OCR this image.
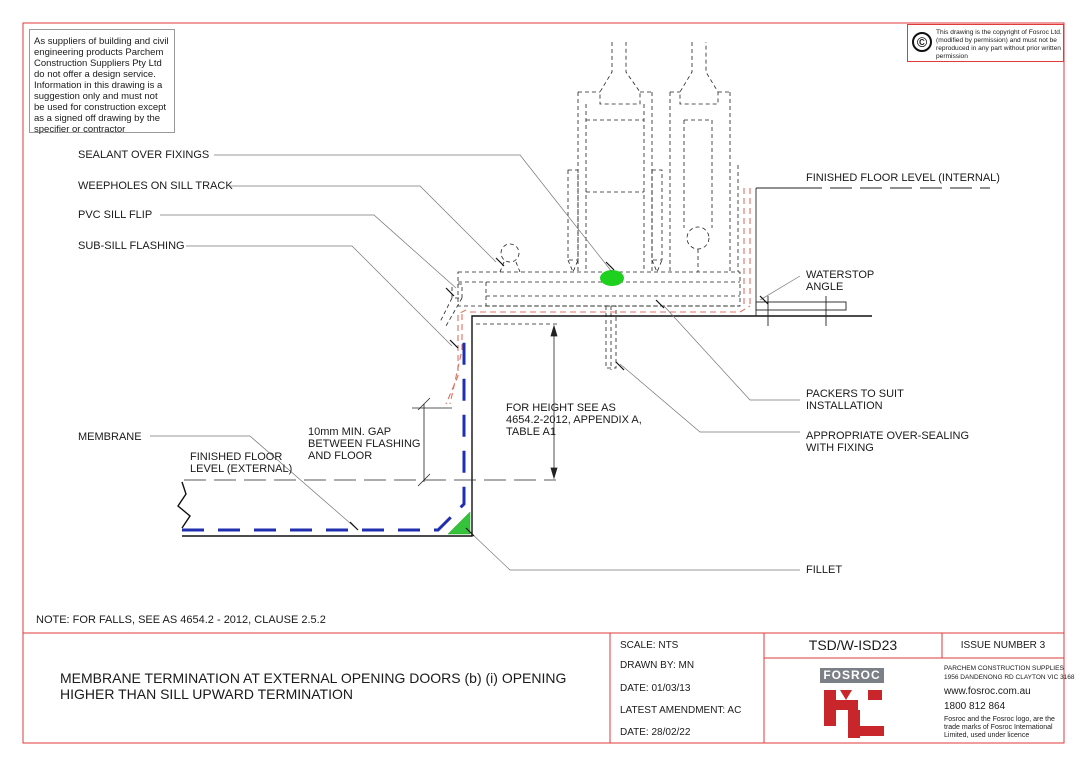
As suppliers of building and civil engineering products Parchem Construction Suppliers Pty Ltd do not offer a design service. Information in this drawing is a suggestion only and must not be used for construction except as a signed off drawing by the specifier or contractor
©
This drawing is the copyright of Fosroc Ltd. (modified by permission) and must not be reproduced in any part without prior written permission
SEALANT OVER FIXINGS
WEEPHOLES ON SILL TRACK
PVC SILL FLIP
SUB-SILL FLASHING
FINISHED FLOOR LEVEL (INTERNAL)
WATERSTOP
ANGLE
PACKERS TO SUIT
INSTALLATION
APPROPRIATE OVER-SEALING
WITH FIXING
MEMBRANE	10mm MIN. GAP
BETWEEN FLASHING
AND FLOOR
FOR HEIGHT SEE AS
4654.2-2012, APPENDIX A,
TABLE A1
FINISHED FLOOR
LEVEL (EXTERNAL)
FILLET
NOTE: FOR FALLS, SEE AS 4654.2 - 2012, CLAUSE 2.5.2
MEMBRANE TERMINATION AT EXTERNAL OPENING DOORS (b) (i) OPENING HIGHER THAN SILL UPWARD TERMINATION
SCALE: NTS
DRAWN BY: MN
DATE: 01/03/13
LATEST AMENDMENT: AC
DATE: 28/02/22
TSD/W-ISD23	ISSUE NUMBER 3
PARCHEM CONSTRUCTION SUPPLIES
1956 DANDENONG RD CLAYTON VIC 3168
www.fosroc.com.au
1800 812 864
Fosroc and the Fosroc logo, are the trade marks of Fosroc International Limited, used under licence
FOSROC
